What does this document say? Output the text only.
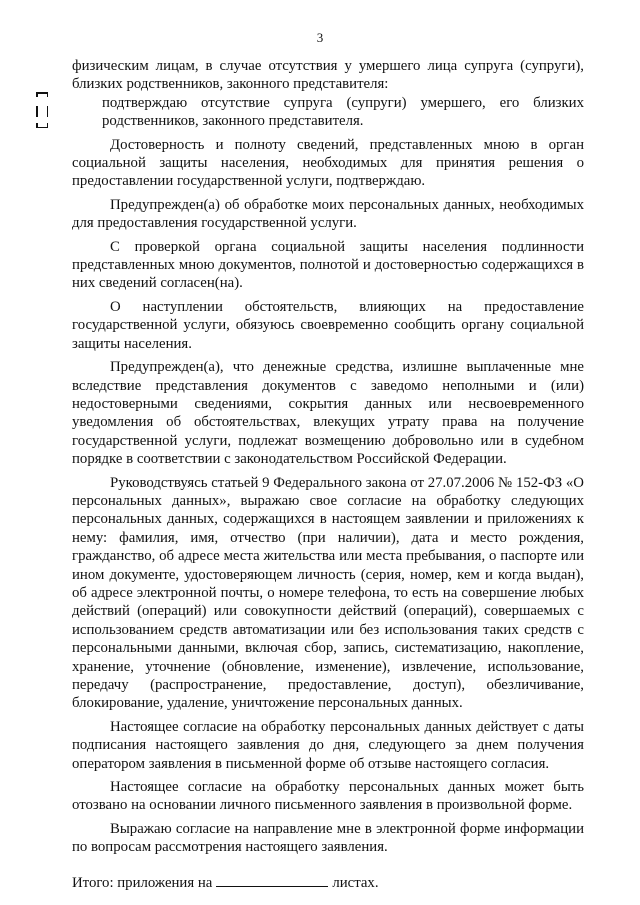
3

физическим лицам, в случае отсутствия у умершего лица супруга (супруги), близких родственников, законного представителя:

подтверждаю отсутствие супруга (супруги) умершего, его близких родственников, законного представителя.

Достоверность и полноту сведений, представленных мною в орган социальной защиты населения, необходимых для принятия решения о предоставлении государственной услуги, подтверждаю.

Предупрежден(а) об обработке моих персональных данных, необходимых для предоставления государственной услуги.

С проверкой органа социальной защиты населения подлинности представленных мною документов, полнотой и достоверностью содержащихся в них сведений согласен(на).

О наступлении обстоятельств, влияющих на предоставление государственной услуги, обязуюсь своевременно сообщить органу социальной защиты населения.

Предупрежден(а), что денежные средства, излишне выплаченные мне вследствие представления документов с заведомо неполными и (или) недостоверными сведениями, сокрытия данных или несвоевременного уведомления об обстоятельствах, влекущих утрату права на получение государственной услуги, подлежат возмещению добровольно или в судебном порядке в соответствии с законодательством Российской Федерации.

Руководствуясь статьей 9 Федерального закона от 27.07.2006 № 152-ФЗ «О персональных данных», выражаю свое согласие на обработку следующих персональных данных, содержащихся в настоящем заявлении и приложениях к нему: фамилия, имя, отчество (при наличии), дата и место рождения, гражданство, об адресе места жительства или места пребывания, о паспорте или ином документе, удостоверяющем личность (серия, номер, кем и когда выдан), об адресе электронной почты, о номере телефона, то есть на совершение любых действий (операций) или совокупности действий (операций), совершаемых с использованием средств автоматизации или без использования таких средств с персональными данными, включая сбор, запись, систематизацию, накопление, хранение, уточнение (обновление, изменение), извлечение, использование, передачу (распространение, предоставление, доступ), обезличивание, блокирование, удаление, уничтожение персональных данных.

Настоящее согласие на обработку персональных данных действует с даты подписания настоящего заявления до дня, следующего за днем получения оператором заявления в письменной форме об отзыве настоящего согласия.

Настоящее согласие на обработку персональных данных может быть отозвано на основании личного письменного заявления в произвольной форме.

Выражаю согласие на направление мне в электронной форме информации по вопросам рассмотрения настоящего заявления.

Итого: приложения на	листах.
